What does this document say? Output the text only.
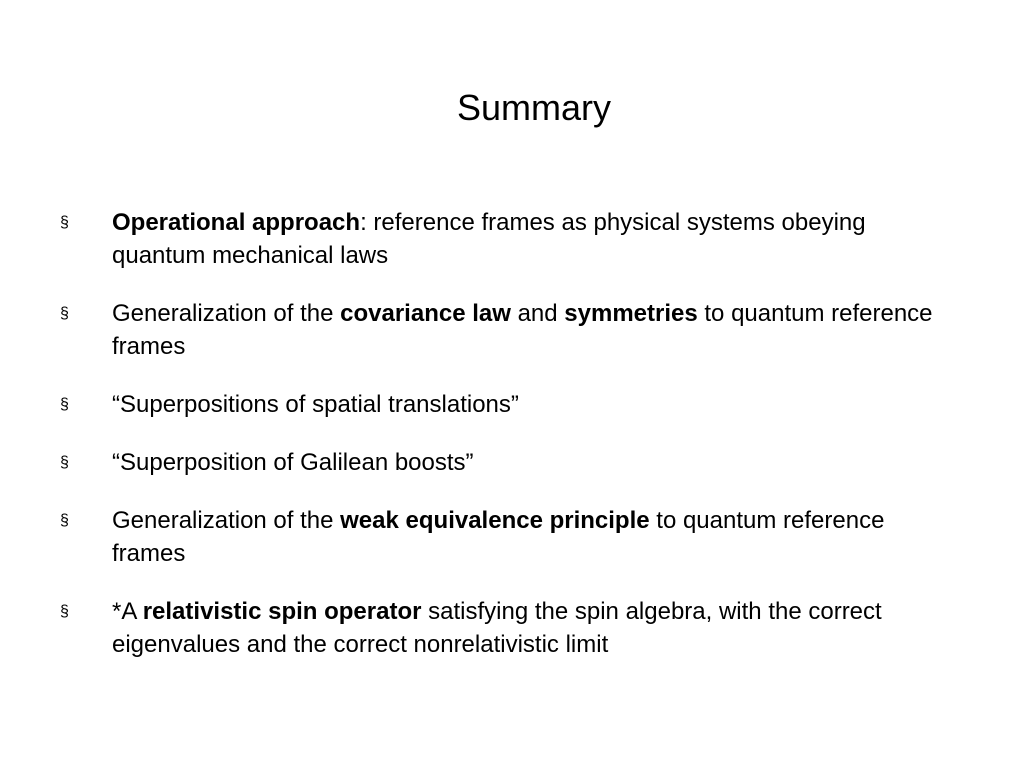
Summary
§ Operational approach: reference frames as physical systems obeying quantum mechanical laws
§ Generalization of the covariance law and symmetries to quantum reference frames
§ “Superpositions of spatial translations”
§ “Superposition of Galilean boosts”
§ Generalization of the weak equivalence principle to quantum reference frames
§ *A relativistic spin operator satisfying the spin algebra, with the correct eigenvalues and the correct nonrelativistic limit
